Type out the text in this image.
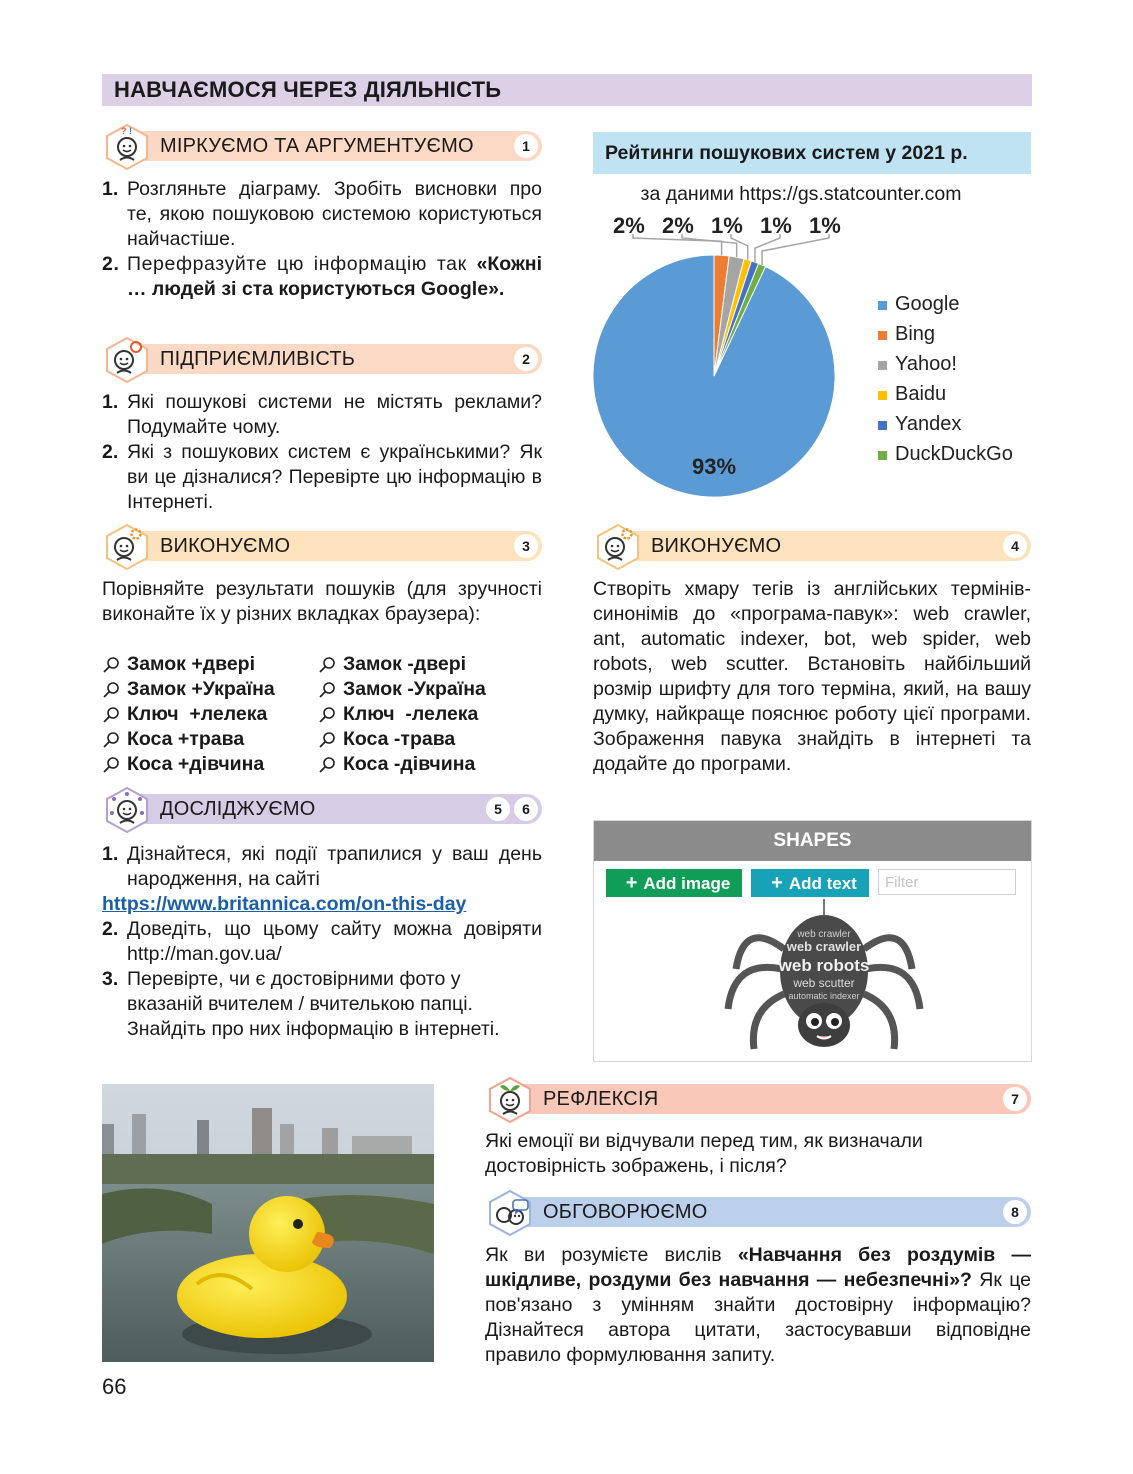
НАВЧАЄМОСЯ ЧЕРЕЗ ДІЯЛЬНІСТЬ
? !
МІРКУЄМО ТА АРГУМЕНТУЄМО	1

1. Розгляньте діаграму. Зробіть висновки про те, якою пошуковою системою користуються найчастіше.

2. Перефразуйте цю інформацію так «Кожні … людей зі ста користуються Google».

ПІДПРИЄМЛИВІСТЬ	2

1. Які пошукові системи не містять реклами? Подумайте чому.

2. Які з пошукових систем є українськими? Як ви це дізналися? Перевірте цю інформацію в Інтернеті.

ВИКОНУЄМО	3
Порівняйте результати пошуків (для зручності виконайте їх у різних вкладках браузера):
Замок +двері	Замок -двері
Замок +Україна	Замок -Україна
Ключ  +лелека	Ключ  -лелека
Коса +трава	Коса -трава
Коса +дівчина	Коса -дівчина
ДОСЛІДЖУЄМО	5	6

1. Дізнайтеся, які події трапилися у ваш день народження, на сайті

https://www.britannica.com/on-this-day

2. Доведіть, що цьому сайту можна довіряти http://man.gov.ua/

3. Перевірте, чи є достовірними фото у вказаній вчителем / вчителькою папці. Знайдіть про них інформацію в інтернеті.

Рейтинги пошукових систем у 2021 р.
за даними https://gs.statcounter.com
93%
2% 2% 1% 1% 1%
Google
Bing
Yahoo!
Baidu
Yandex
DuckDuckGo
ВИКОНУЄМО	4
Створіть хмару тегів із англійських термінів-синонімів до «програма-павук»: web crawler, ant, automatic indexer, bot, web spider, web robots, web scutter. Встановіть найбільший розмір шрифту для того терміна, який, на вашу думку, найкраще пояснює роботу цієї програми. Зображення павука знайдіть в інтернеті та додайте до програми.
SHAPES
+ Add image	+ Add text	Filter
web crawler
web crawler
web robots
web scutter
automatic indexer
РЕФЛЕКСІЯ	7
Які емоції ви відчували перед тим, як визначали достовірність зображень, і після?
ОБГОВОРЮЄМО	8
Як ви розумієте вислів «Навчання без роздумів — шкідливе, роздуми без навчання — небезпечні»? Як це пов'язано з умінням знайти достовірну інформацію? Дізнайтеся автора цитати, застосувавши відповідне правило формулювання запиту.
66
